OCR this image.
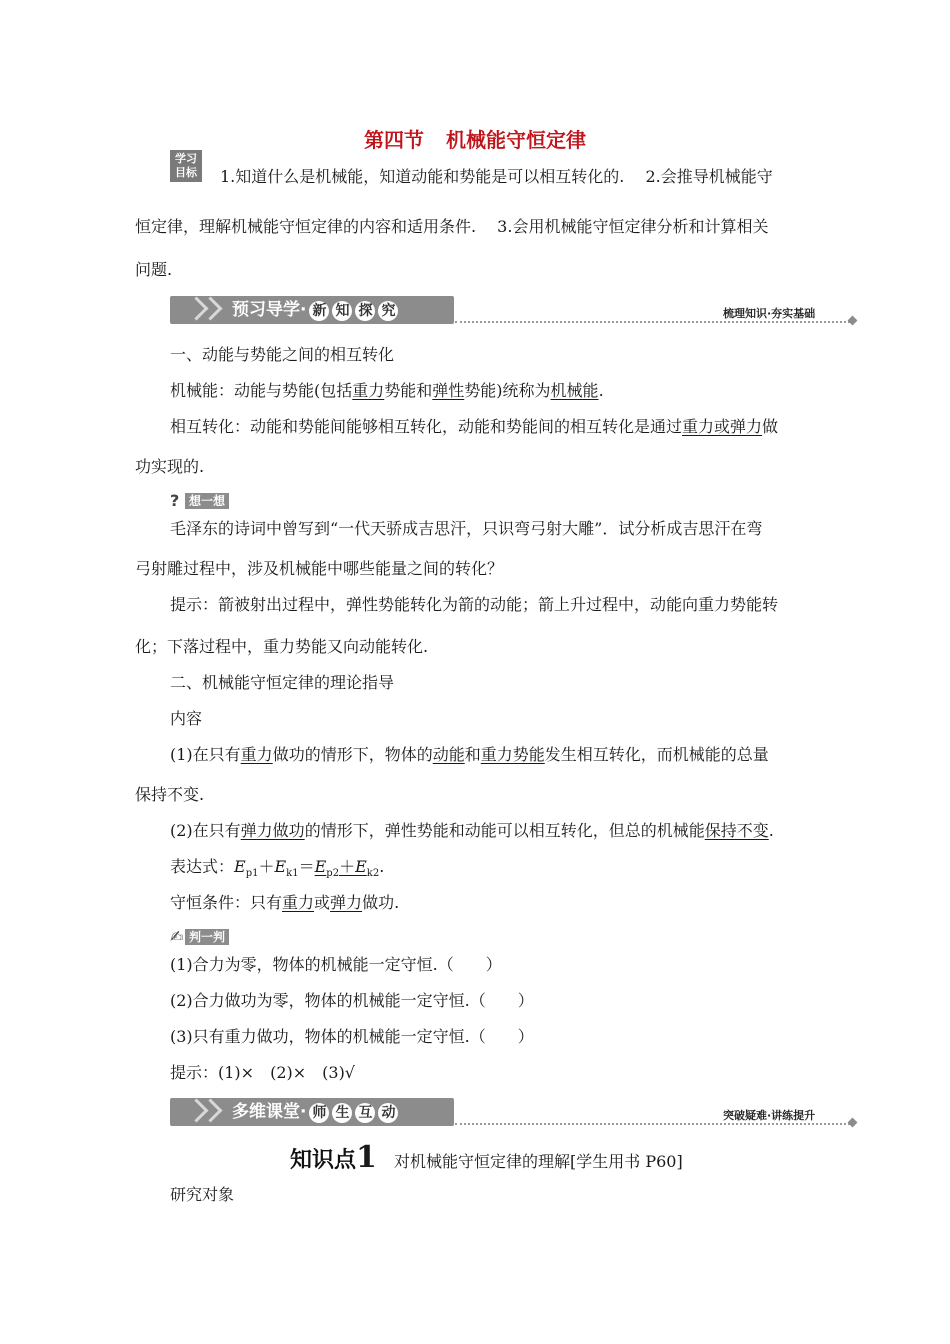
第四节 机械能守恒定律
学习目标	1.知道什么是机械能，知道动能和势能是可以相互转化的.　 2.会推导机械能守
恒定律，理解机械能守恒定律的内容和适用条件.　 3.会用机械能守恒定律分析和计算相关
问题.
预习导学· 新 知 探 究	梳理知识·夯实基础
一、动能与势能之间的相互转化
机械能：动能与势能(包括重力势能和弹性势能)统称为机械能.
相互转化：动能和势能间能够相互转化，动能和势能间的相互转化是通过重力或弹力做
功实现的.
? 想一想
毛泽东的诗词中曾写到“一代天骄成吉思汗，只识弯弓射大雕”．试分析成吉思汗在弯
弓射雕过程中，涉及机械能中哪些能量之间的转化？
提示：箭被射出过程中，弹性势能转化为箭的动能；箭上升过程中，动能向重力势能转
化；下落过程中，重力势能又向动能转化.
二、机械能守恒定律的理论指导
内容
(1)在只有重力做功的情形下，物体的动能和重力势能发生相互转化，而机械能的总量
保持不变.
(2)在只有弹力做功的情形下，弹性势能和动能可以相互转化，但总的机械能保持不变.
表达式：$E_{p1}+E_{k1}=E_{p2}+E_{k2}$.
守恒条件：只有重力或弹力做功.
✍ 判一判
(1)合力为零，物体的机械能一定守恒.（　　）
(2)合力做功为零，物体的机械能一定守恒.（　　）
(3)只有重力做功，物体的机械能一定守恒.（　　）
提示：(1)×　(2)×　(3)√
多维课堂· 师 生 互 动	突破疑难·讲练提升
知识点1 对机械能守恒定律的理解[学生用书 P60]
研究对象
